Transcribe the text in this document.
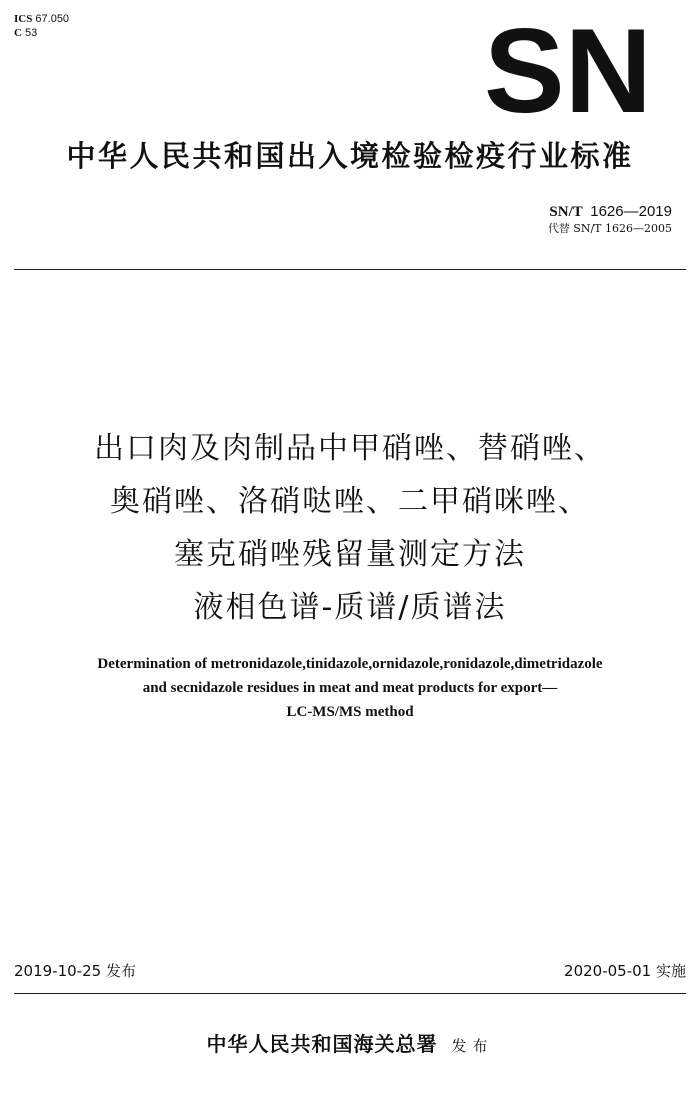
ICS 67.050
C 53	SN
中华人民共和国出入境检验检疫行业标准
SN/T 1626—2019
代替 SN/T 1626—2005
出口肉及肉制品中甲硝唑、替硝唑、
奥硝唑、洛硝哒唑、二甲硝咪唑、
塞克硝唑残留量测定方法
液相色谱-质谱/质谱法
Determination of metronidazole,tinidazole,ornidazole,ronidazole,dimetridazole
and secnidazole residues in meat and meat products for export—
LC-MS/MS method
2019-10-25 发布	2020-05-01 实施
中华人民共和国海关总署 发布
